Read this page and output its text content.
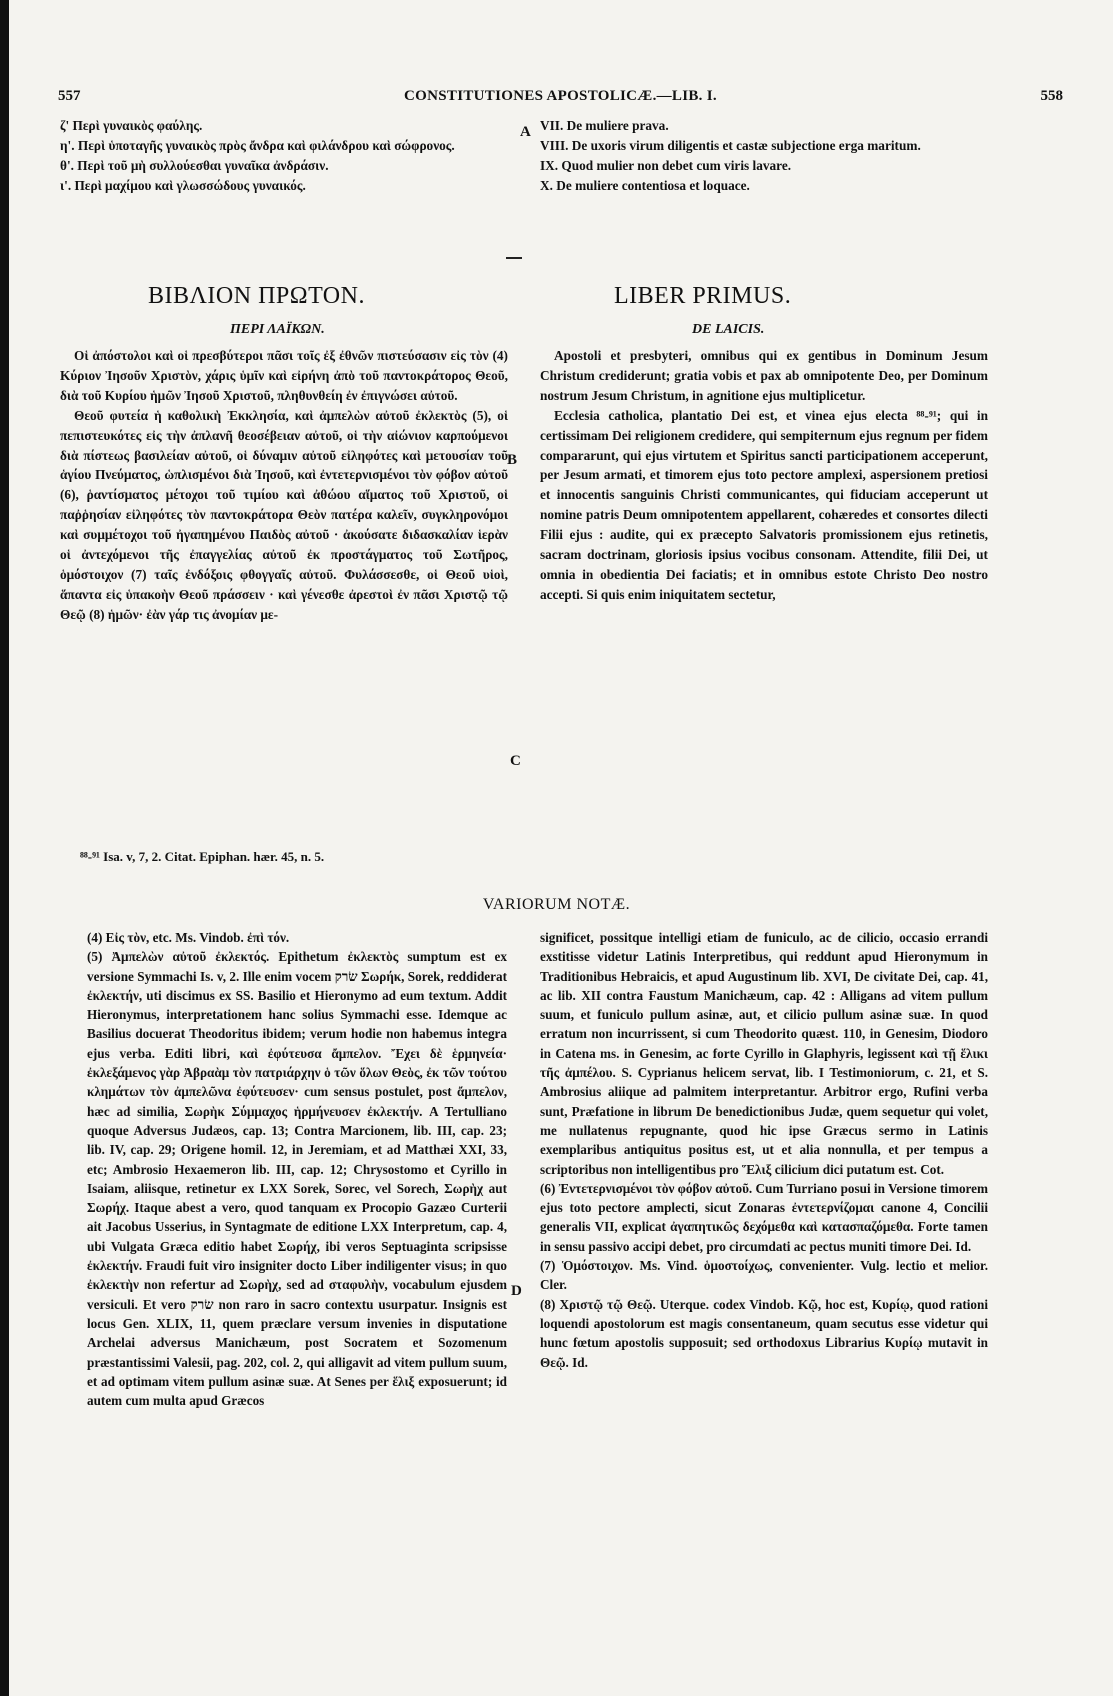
557	CONSTITUTIONES APOSTOLICÆ.—LIB. I.	558

ζ' Περὶ γυναικὸς φαύλης.

η'. Περὶ ὑποταγῆς γυναικὸς πρὸς ἄνδρα καὶ φιλάνδρου καὶ σώφρονος.

θ'. Περὶ τοῦ μὴ συλλούεσθαι γυναῖκα ἀνδράσιν.

ι'. Περὶ μαχίμου καὶ γλωσσώδους γυναικός.

A VII. De muliere prava.

VIII. De uxoris virum diligentis et castæ subjectione erga maritum.

IX. Quod mulier non debet cum viris lavare.

X. De muliere contentiosa et loquace.

ΒΙΒΛΙΟΝ ΠΡΩΤΟΝ.
ΠΕΡΙ ΛΑΪΚΩΝ.
LIBER PRIMUS.
DE LAICIS.

Οἱ ἀπόστολοι καὶ οἱ πρεσβύτεροι πᾶσι τοῖς ἐξ ἐθνῶν πιστεύσασιν εἰς τὸν (4) Κύριον Ἰησοῦν Χριστὸν, χάρις ὑμῖν καὶ εἰρήνη ἀπὸ τοῦ παντοκράτορος Θεοῦ, διὰ τοῦ Κυρίου ἡμῶν Ἰησοῦ Χριστοῦ, πληθυνθείη ἐν ἐπιγνώσει αὐτοῦ.

Θεοῦ φυτεία ἡ καθολικὴ Ἐκκλησία, καὶ ἀμπελὼν αὐτοῦ ἐκλεκτὸς (5), οἱ πεπιστευκότες εἰς τὴν ἀπλανῆ θεοσέβειαν αὐτοῦ, οἱ τὴν αἰώνιον καρπούμενοι διὰ πίστεως βασιλείαν αὐτοῦ, οἱ δύναμιν αὐτοῦ εἰληφότες καὶ μετουσίαν τοῦ ἁγίου Πνεύματος, ὡπλισμένοι διὰ Ἰησοῦ, καὶ ἐντετερνισμένοι τὸν φόβον αὐτοῦ (6), ῥαντίσματος μέτοχοι τοῦ τιμίου καὶ ἀθώου αἵματος τοῦ Χριστοῦ, οἱ παῤῥησίαν εἰληφότες τὸν παντοκράτορα Θεὸν πατέρα καλεῖν, συγκληρονόμοι καὶ συμμέτοχοι τοῦ ἠγαπημένου Παιδὸς αὐτοῦ · ἀκούσατε διδασκαλίαν ἱερὰν οἱ ἀντεχόμενοι τῆς ἐπαγγελίας αὐτοῦ ἐκ προστάγματος τοῦ Σωτῆρος, ὁμόστοιχον (7) ταῖς ἐνδόξοις φθογγαῖς αὐτοῦ. Φυλάσσεσθε, οἱ Θεοῦ υἱοὶ, ἅπαντα εἰς ὑπακοὴν Θεοῦ πράσσειν · καὶ γένεσθε ἀρεστοὶ ἐν πᾶσι Χριστῷ τῷ Θεῷ (8) ἡμῶν· ἐὰν γάρ τις ἀνομίαν με-

B
C

Apostoli et presbyteri, omnibus qui ex gentibus in Dominum Jesum Christum crediderunt; gratia vobis et pax ab omnipotente Deo, per Dominum nostrum Jesum Christum, in agnitione ejus multiplicetur.

Ecclesia catholica, plantatio Dei est, et vinea ejus electa ⁸⁸-⁹¹; qui in certissimam Dei religionem credidere, qui sempiternum ejus regnum per fidem compararunt, qui ejus virtutem et Spiritus sancti participationem acceperunt, per Jesum armati, et timorem ejus toto pectore amplexi, aspersionem pretiosi et innocentis sanguinis Christi communicantes, qui fiduciam acceperunt ut nomine patris Deum omnipotentem appellarent, cohæredes et consortes dilecti Filii ejus : audite, qui ex præcepto Salvatoris promissionem ejus retinetis, sacram doctrinam, gloriosis ipsius vocibus consonam. Attendite, filii Dei, ut omnia in obedientia Dei faciatis; et in omnibus estote Christo Deo nostro accepti. Si quis enim iniquitatem sectetur,

⁸⁸-⁹¹ Isa. v, 7, 2. Citat. Epiphan. hær. 45, n. 5.
VARIORUM NOTÆ.

(4) Εἰς τὸν, etc. Ms. Vindob. ἐπὶ τόν.

(5) Ἀμπελὼν αὐτοῦ ἐκλεκτός. Epithetum ἐκλεκτὸς sumptum est ex versione Symmachi Is. v, 2. Ille enim vocem שׂרק Σωρήκ, Sorek, reddiderat ἐκλεκτήν, uti discimus ex SS. Basilio et Hieronymo ad eum textum. Addit Hieronymus, interpretationem hanc solius Symmachi esse. Idemque ac Basilius docuerat Theodoritus ibidem; verum hodie non habemus integra ejus verba. Editi libri, καὶ ἐφύτευσα ἄμπελον. Ἔχει δὲ ἑρμηνεία· ἐκλεξάμενος γὰρ Ἀβραὰμ τὸν πατριάρχην ὁ τῶν ὅλων Θεὸς, ἐκ τῶν τούτου κλημάτων τὸν ἀμπελῶνα ἐφύτευσεν· cum sensus postulet, post ἄμπελον, hæc ad similia, Σωρὴκ Σύμμαχος ἡρμήνευσεν ἐκλεκτήν. A Tertulliano quoque Adversus Judæos, cap. 13; Contra Marcionem, lib. III, cap. 23; lib. IV, cap. 29; Origene homil. 12, in Jeremiam, et ad Matthæi XXI, 33, etc; Ambrosio Hexaemeron lib. III, cap. 12; Chrysostomo et Cyrillo in Isaiam, aliisque, retinetur ex LXX Sorek, Sorec, vel Sorech, Σωρὴχ aut Σωρήχ. Itaque abest a vero, quod tanquam ex Procopio Gazæo Curterii ait Jacobus Usserius, in Syntagmate de editione LXX Interpretum, cap. 4, ubi Vulgata Græca editio habet Σωρήχ, ibi veros Septuaginta scripsisse ἐκλεκτήν. Fraudi fuit viro insigniter docto Liber indiligenter visus; in quo ἐκλεκτὴν non refertur ad Σωρὴχ, sed ad σταφυλὴν, vocabulum ejusdem versiculi. Et vero שׂרק non raro in sacro contextu usurpatur. Insignis est locus Gen. XLIX, 11, quem præclare versum invenies in disputatione Archelai adversus Manichæum, post Socratem et Sozomenum præstantissimi Valesii, pag. 202, col. 2, qui alligavit ad vitem pullum suum, et ad optimam vitem pullum asinæ suæ. At Senes per ἕλιξ exposuerunt; id autem cum multa apud Græcos

D

significet, possitque intelligi etiam de funiculo, ac de cilicio, occasio errandi exstitisse videtur Latinis Interpretibus, qui reddunt apud Hieronymum in Traditionibus Hebraicis, et apud Augustinum lib. XVI, De civitate Dei, cap. 41, ac lib. XII contra Faustum Manichæum, cap. 42 : Alligans ad vitem pullum suum, et funiculo pullum asinæ, aut, et cilicio pullum asinæ suæ. In quod erratum non incurrissent, si cum Theodorito quæst. 110, in Genesim, Diodoro in Catena ms. in Genesim, ac forte Cyrillo in Glaphyris, legissent καὶ τῇ ἕλικι τῆς ἀμπέλου. S. Cyprianus helicem servat, lib. I Testimoniorum, c. 21, et S. Ambrosius aliique ad palmitem interpretantur. Arbitror ergo, Rufini verba sunt, Præfatione in librum De benedictionibus Judæ, quem sequetur qui volet, me nullatenus repugnante, quod hic ipse Græcus sermo in Latinis exemplaribus antiquitus positus est, ut et alia nonnulla, et per tempus a scriptoribus non intelligentibus pro Ἕλιξ cilicium dici putatum est. Cot.

(6) Ἐντετερνισμένοι τὸν φόβον αὐτοῦ. Cum Turriano posui in Versione timorem ejus toto pectore amplecti, sicut Zonaras ἐντετερνίζομαι canone 4, Concilii generalis VII, explicat ἀγαπητικῶς δεχόμεθα καὶ κατασπαζόμεθα. Forte tamen in sensu passivo accipi debet, pro circumdati ac pectus muniti timore Dei. Id.

(7) Ὁμόστοιχον. Ms. Vind. ὁμοστοίχως, convenienter. Vulg. lectio et melior. Cler.

(8) Χριστῷ τῷ Θεῷ. Uterque. codex Vindob. Κῷ, hoc est, Κυρίῳ, quod rationi loquendi apostolorum est magis consentaneum, quam secutus esse videtur qui hunc fœtum apostolis supposuit; sed orthodoxus Librarius Κυρίῳ mutavit in Θεῷ. Id.
